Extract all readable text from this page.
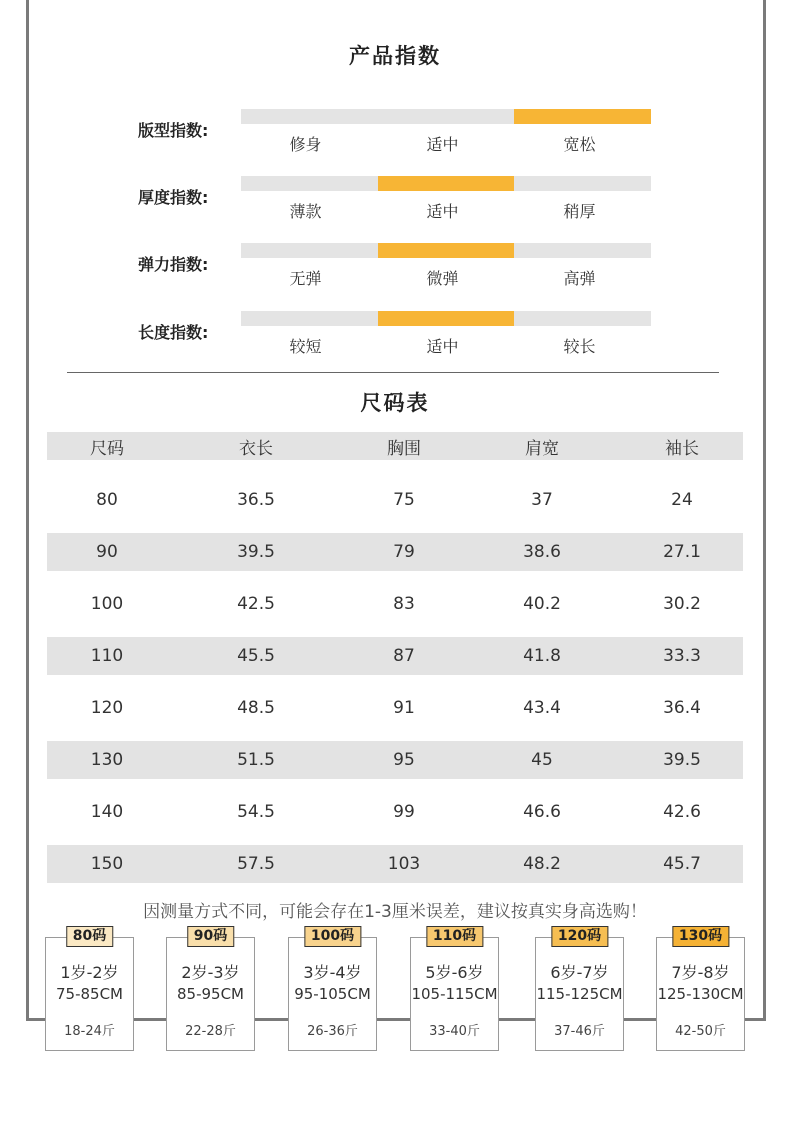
产品指数
版型指数:
修身	适中	宽松
厚度指数:
薄款	适中	稍厚
弹力指数:
无弹	微弹	高弹
长度指数:
较短	适中	较长
尺码表
尺码	衣长	胸围	肩宽	袖长
80	36.5	75	37	24
90	39.5	79	38.6	27.1
100	42.5	83	40.2	30.2
110	45.5	87	41.8	33.3
120	48.5	91	43.4	36.4
130	51.5	95	45	39.5
140	54.5	99	46.6	42.6
150	57.5	103	48.2	45.7
因测量方式不同，可能会存在1-3厘米误差，建议按真实身高选购！
80码
1岁-2岁
75-85CM
18-24斤
90码
2岁-3岁
85-95CM
22-28斤
100码
3岁-4岁
95-105CM
26-36斤
110码
5岁-6岁
105-115CM
33-40斤
120码
6岁-7岁
115-125CM
37-46斤
130码
7岁-8岁
125-130CM
42-50斤
